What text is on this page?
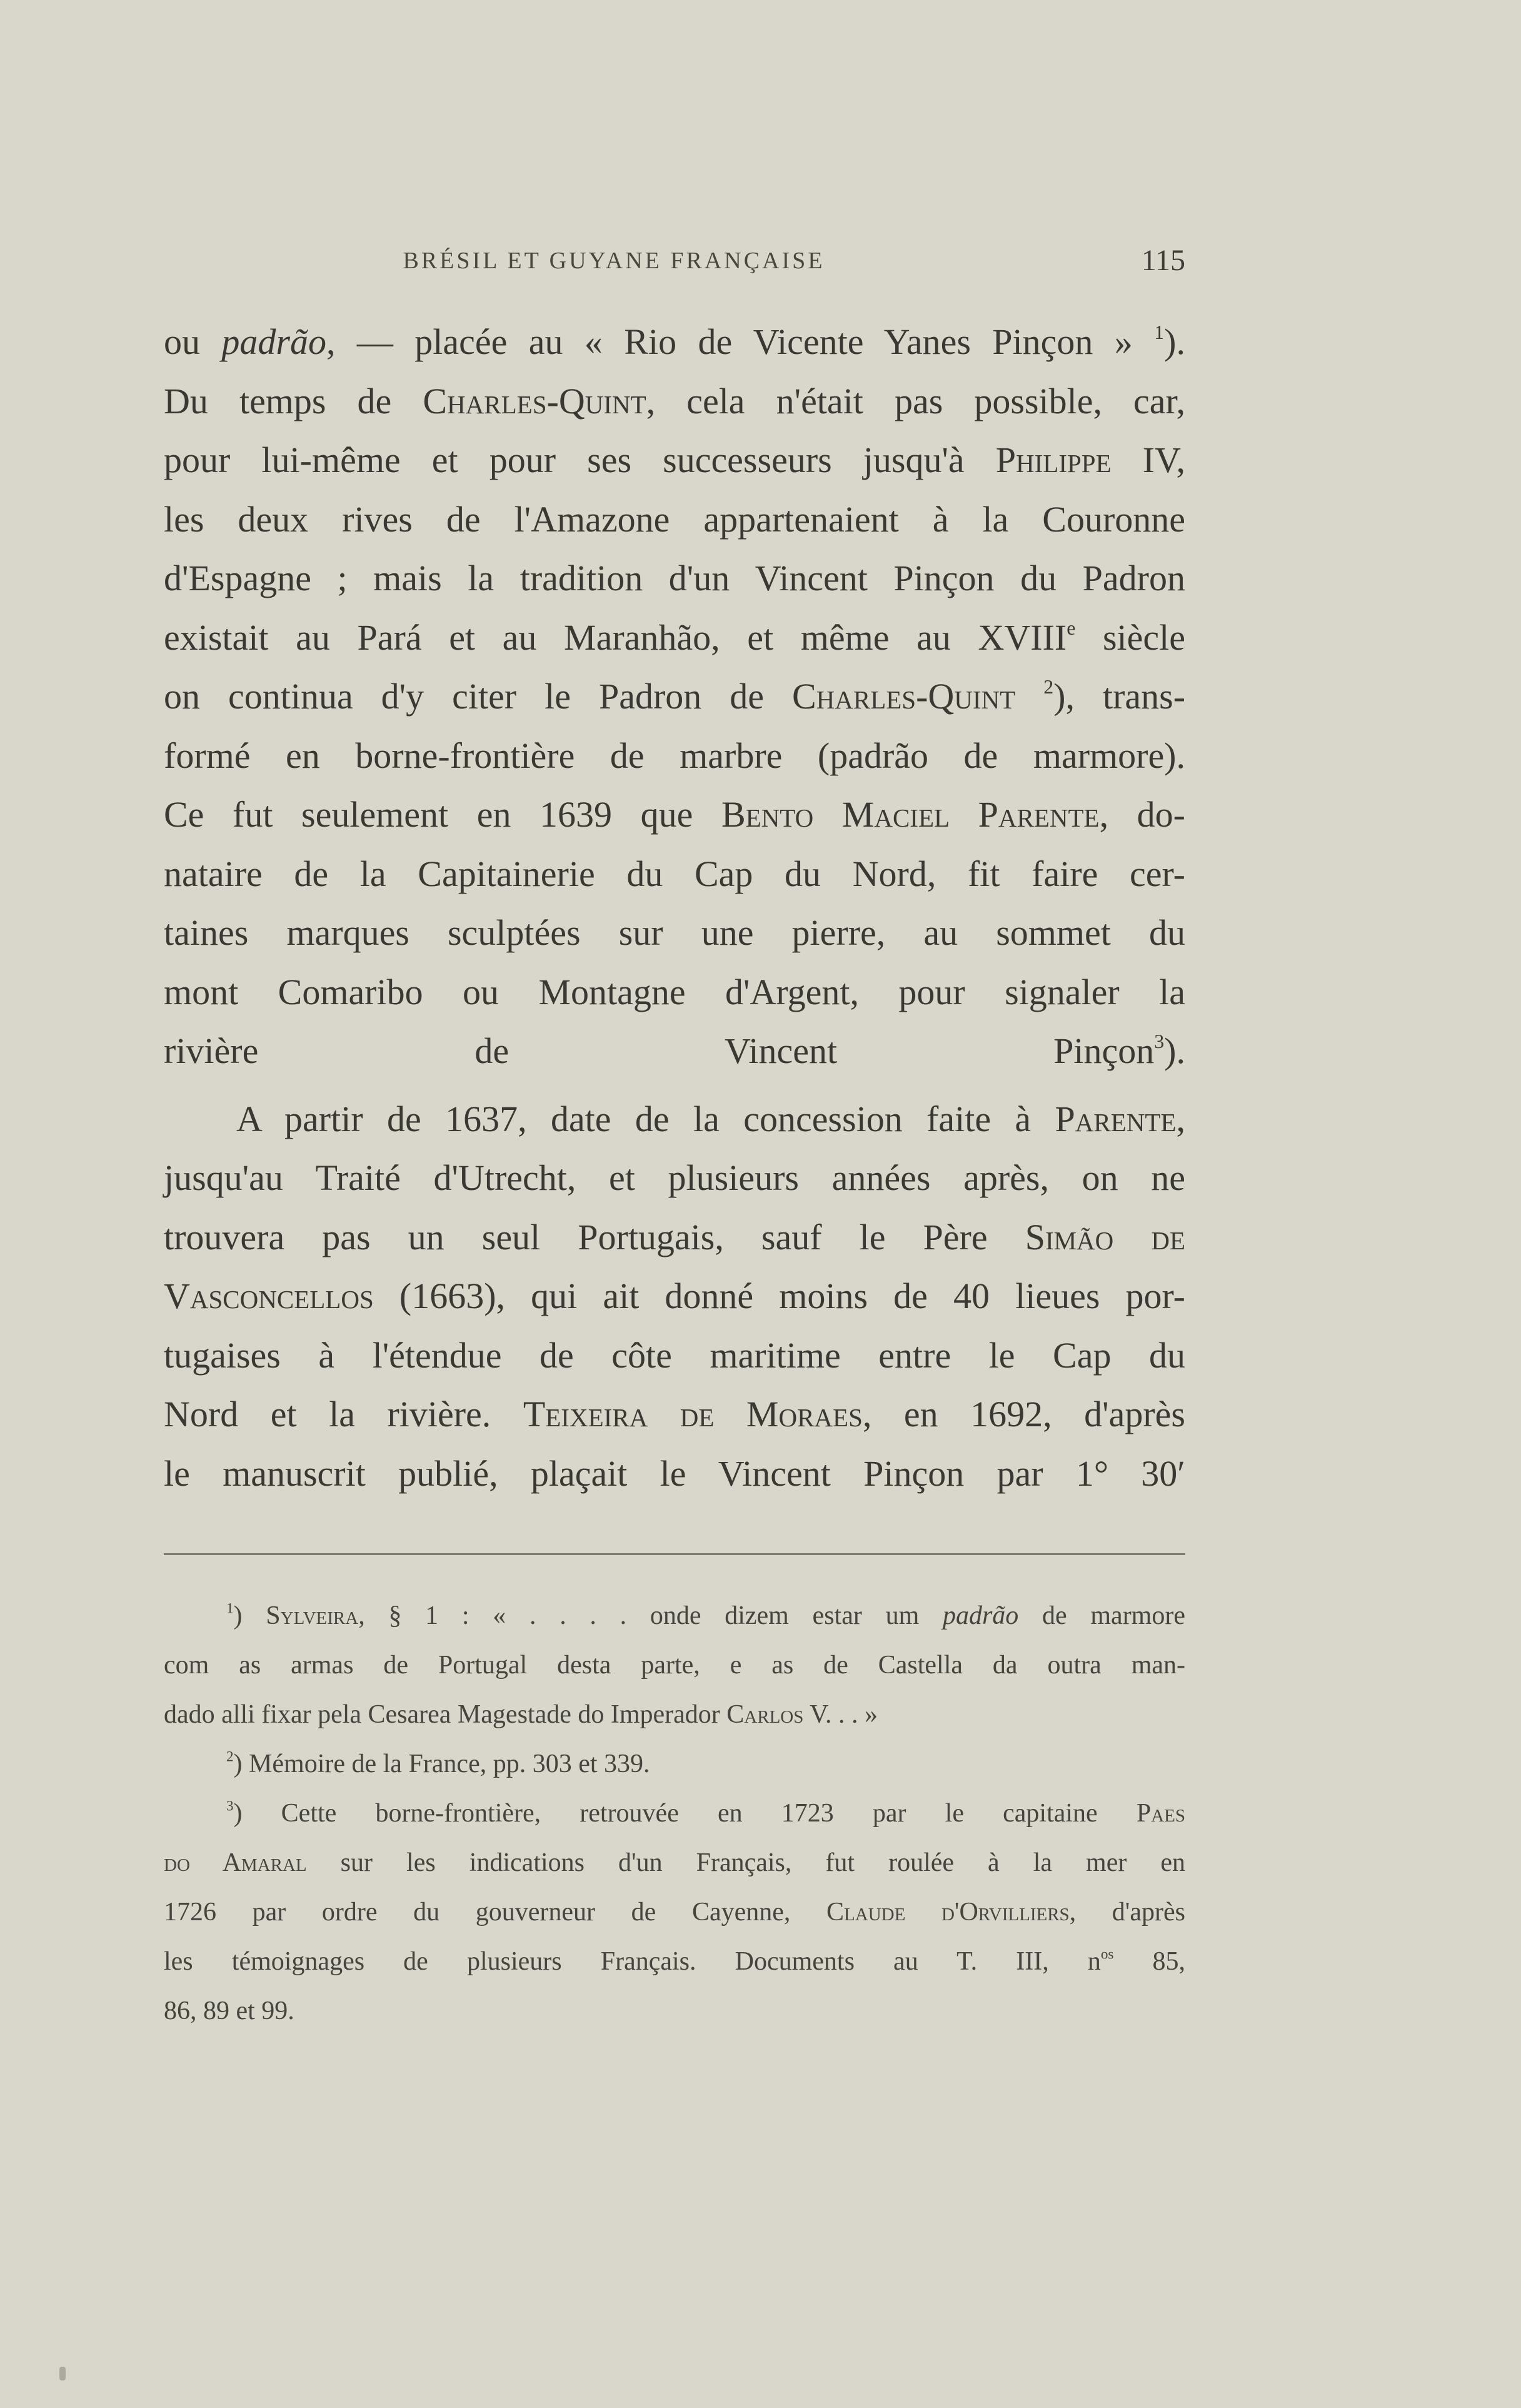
BRÉSIL ET GUYANE FRANÇAISE	115
ou padrão, — placée au « Rio de Vicente Yanes Pinçon » $^1$).
Du temps de Charles-Quint, cela n'était pas possible, car,
pour lui-même et pour ses successeurs jusqu'à Philippe IV,
les deux rives de l'Amazone appartenaient à la Couronne
d'Espagne ; mais la tradition d'un Vincent Pinçon du Padron
existait au Pará et au Maranhão, et même au XVIIIe siècle
on continua d'y citer le Padron de Charles-Quint $^2$), trans-
formé en borne-frontière de marbre (padrão de marmore).
Ce fut seulement en 1639 que Bento Maciel Parente, do-
nataire de la Capitainerie du Cap du Nord, fit faire cer-
taines marques sculptées sur une pierre, au sommet du
mont Comaribo ou Montagne d'Argent, pour signaler la
rivière de Vincent Pinçon$^3$).
A partir de 1637, date de la concession faite à Parente,
jusqu'au Traité d'Utrecht, et plusieurs années après, on ne
trouvera pas un seul Portugais, sauf le Père Simão de
Vasconcellos (1663), qui ait donné moins de 40 lieues por-
tugaises à l'étendue de côte maritime entre le Cap du
Nord et la rivière. Teixeira de Moraes, en 1692, d'après
le manuscrit publié, plaçait le Vincent Pinçon par 1° 30′
$^1$) Sylveira, § 1 : « . . . . onde dizem estar um padrão de marmore
com as armas de Portugal desta parte, e as de Castella da outra man-
dado alli fixar pela Cesarea Magestade do Imperador Carlos V. . . »
$^2$) Mémoire de la France, pp. 303 et 339.
$^3$) Cette borne-frontière, retrouvée en 1723 par le capitaine Paes
do Amaral sur les indications d'un Français, fut roulée à la mer en
1726 par ordre du gouverneur de Cayenne, Claude d'Orvilliers, d'après
les témoignages de plusieurs Français. Documents au T. III, $n^{os}$ 85,
86, 89 et 99.
